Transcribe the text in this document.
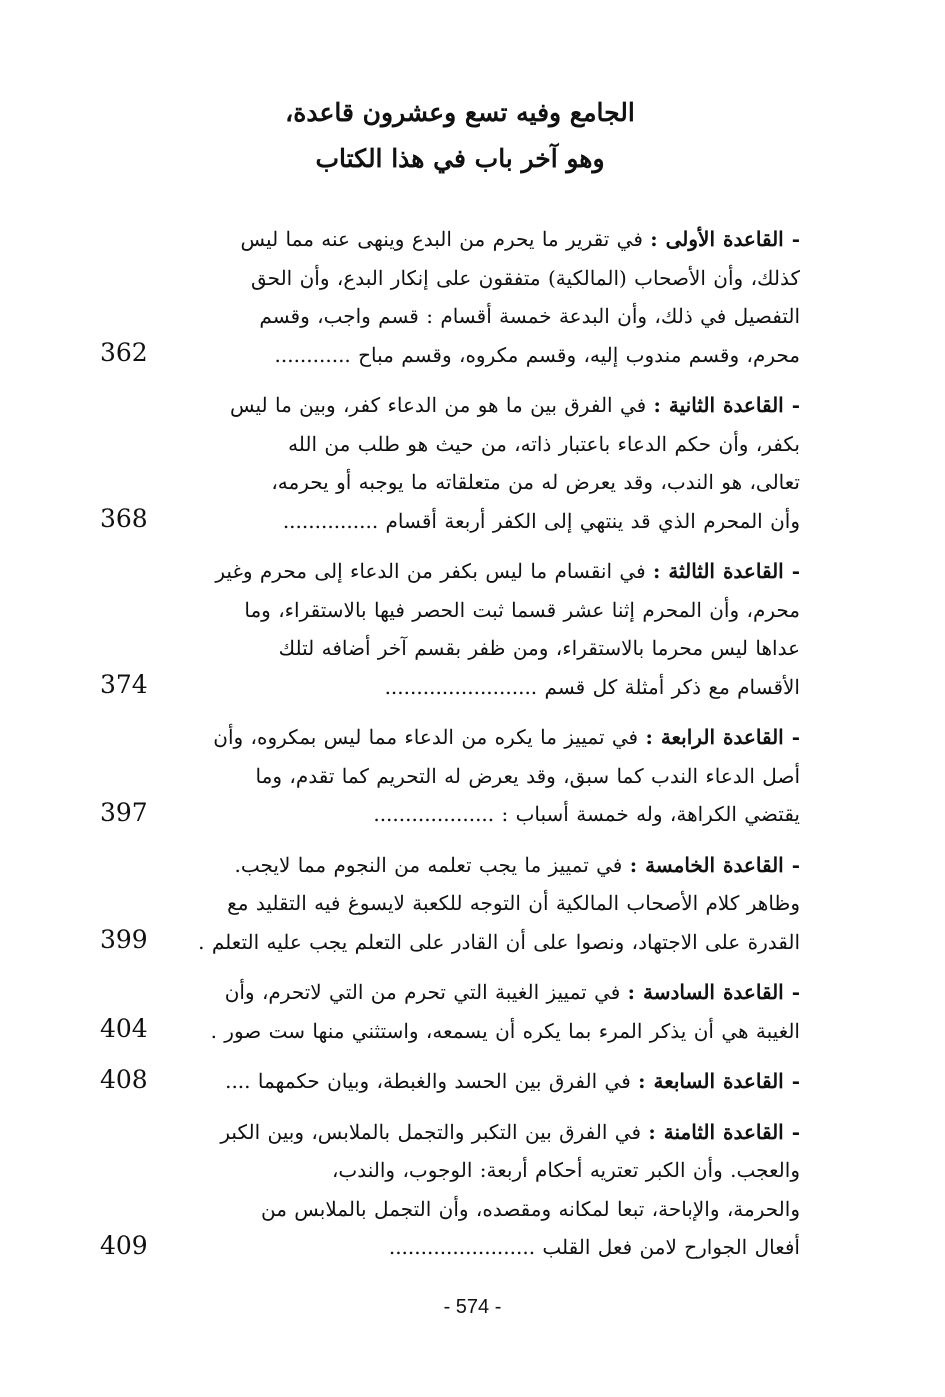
الجامع وفيه تسع وعشرون قاعدة،
وهو آخر باب في هذا الكتاب
- القاعدة الأولى : في تقرير ما يحرم من البدع وينهى عنه مما ليس
كذلك، وأن الأصحاب (المالكية) متفقون على إنكار البدع، وأن الحق
التفصيل في ذلك، وأن البدعة خمسة أقسام : قسم واجب، وقسم
محرم، وقسم مندوب إليه، وقسم مكروه، وقسم مباح ............
362
- القاعدة الثانية : في الفرق بين ما هو من الدعاء كفر، وبين ما ليس
بكفر، وأن حكم الدعاء باعتبار ذاته، من حيث هو طلب من الله
تعالى، هو الندب، وقد يعرض له من متعلقاته ما يوجبه أو يحرمه،
وأن المحرم الذي قد ينتهي إلى الكفر أربعة أقسام ...............
368
- القاعدة الثالثة : في انقسام ما ليس بكفر من الدعاء إلى محرم وغير
محرم، وأن المحرم إثنا عشر قسما ثبت الحصر فيها بالاستقراء، وما
عداها ليس محرما بالاستقراء، ومن ظفر بقسم آخر أضافه لتلك
الأقسام مع ذكر أمثلة كل قسم ........................
374
- القاعدة الرابعة : في تمييز ما يكره من الدعاء مما ليس بمكروه، وأن
أصل الدعاء الندب كما سبق، وقد يعرض له التحريم كما تقدم، وما
يقتضي الكراهة، وله خمسة أسباب : ...................
397
- القاعدة الخامسة : في تمييز ما يجب تعلمه من النجوم مما لايجب.
وظاهر كلام الأصحاب المالكية أن التوجه للكعبة لايسوغ فيه التقليد مع
القدرة على الاجتهاد، ونصوا على أن القادر على التعلم يجب عليه التعلم .
399
- القاعدة السادسة : في تمييز الغيبة التي تحرم من التي لاتحرم، وأن
الغيبة هي أن يذكر المرء بما يكره أن يسمعه، واستثني منها ست صور .
404
- القاعدة السابعة : في الفرق بين الحسد والغبطة، وبيان حكمهما ....
408
- القاعدة الثامنة : في الفرق بين التكبر والتجمل بالملابس، وبين الكبر
والعجب. وأن الكبر تعتريه أحكام أربعة: الوجوب، والندب،
والحرمة، والإباحة، تبعا لمكانه ومقصده، وأن التجمل بالملابس من
أفعال الجوارح لامن فعل القلب .......................
409
- 574 -
